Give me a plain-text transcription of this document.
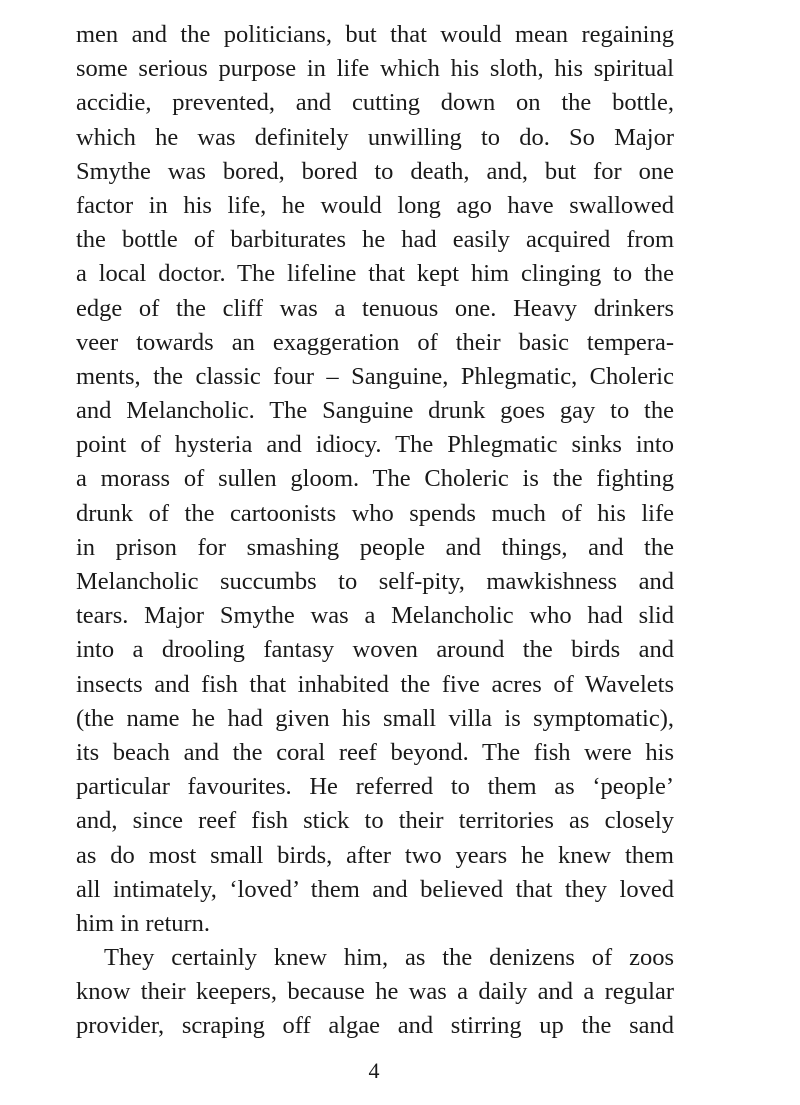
men and the politicians, but that would mean regaining
some serious purpose in life which his sloth, his spiritual
accidie, prevented, and cutting down on the bottle,
which he was definitely unwilling to do. So Major
Smythe was bored, bored to death, and, but for one
factor in his life, he would long ago have swallowed
the bottle of barbiturates he had easily acquired from
a local doctor. The lifeline that kept him clinging to the
edge of the cliff was a tenuous one. Heavy drinkers
veer towards an exaggeration of their basic tempera-
ments, the classic four – Sanguine, Phlegmatic, Choleric
and Melancholic. The Sanguine drunk goes gay to the
point of hysteria and idiocy. The Phlegmatic sinks into
a morass of sullen gloom. The Choleric is the fighting
drunk of the cartoonists who spends much of his life
in prison for smashing people and things, and the
Melancholic succumbs to self-pity, mawkishness and
tears. Major Smythe was a Melancholic who had slid
into a drooling fantasy woven around the birds and
insects and fish that inhabited the five acres of Wavelets
(the name he had given his small villa is symptomatic),
its beach and the coral reef beyond. The fish were his
particular favourites. He referred to them as ‘people’
and, since reef fish stick to their territories as closely
as do most small birds, after two years he knew them
all intimately, ‘loved’ them and believed that they loved
him in return.
They certainly knew him, as the denizens of zoos
know their keepers, because he was a daily and a regular
provider, scraping off algae and stirring up the sand
4
